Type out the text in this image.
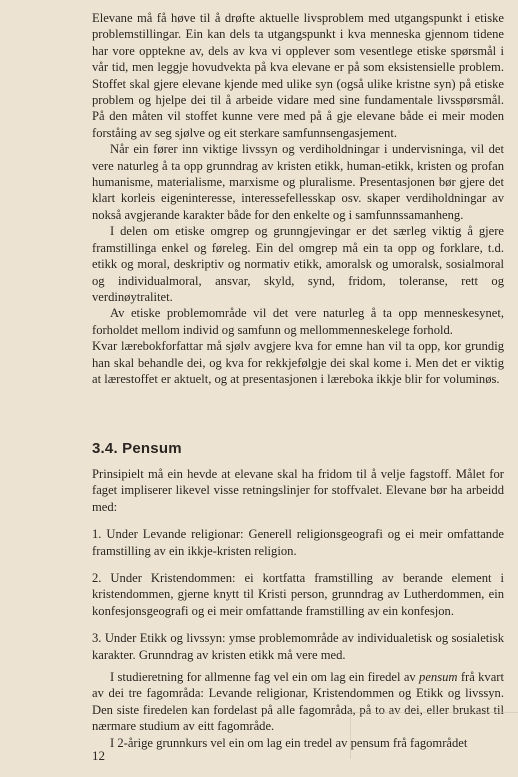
Elevane må få høve til å drøfte aktuelle livsproblem med utgangspunkt i etiske problemstillingar. Ein kan dels ta utgangspunkt i kva menneska gjennom tidene har vore opptekne av, dels av kva vi opplever som vesentlege etiske spørsmål i vår tid, men leggje hovudvekta på kva elevane er på som eksistensielle problem. Stoffet skal gjere elevane kjende med ulike syn (også ulike kristne syn) på etiske problem og hjelpe dei til å arbeide vidare med sine fundamentale livsspørsmål. På den måten vil stoffet kunne vere med på å gje elevane både ei meir moden forståing av seg sjølve og eit sterkare samfunnsengasjement.

Når ein fører inn viktige livssyn og verdiholdningar i undervisninga, vil det vere naturleg å ta opp grunndrag av kristen etikk, human-etikk, kristen og profan humanisme, materialisme, marxisme og pluralisme. Presentasjonen bør gjere det klart korleis eigeninteresse, interessefellesskap osv. skaper verdiholdningar av nokså avgjerande karakter både for den enkelte og i samfunnssamanheng.

I delen om etiske omgrep og grunngjevingar er det særleg viktig å gjere framstillinga enkel og føreleg. Ein del omgrep må ein ta opp og forklare, t.d. etikk og moral, deskriptiv og normativ etikk, amoralsk og umoralsk, sosialmoral og individualmoral, ansvar, skyld, synd, fridom, toleranse, rett og verdinøytralitet.

Av etiske problemområde vil det vere naturleg å ta opp menneskesynet, forholdet mellom individ og samfunn og mellommenneskelege forhold.

Kvar lærebokforfattar må sjølv avgjere kva for emne han vil ta opp, kor grundig han skal behandle dei, og kva for rekkjefølgje dei skal kome i. Men det er viktig at lærestoffet er aktuelt, og at presentasjonen i læreboka ikkje blir for voluminøs.

3.4. Pensum

Prinsipielt må ein hevde at elevane skal ha fridom til å velje fagstoff. Målet for faget impliserer likevel visse retningslinjer for stoffvalet. Elevane bør ha arbeidd med:

1. Under Levande religionar: Generell religionsgeografi og ei meir omfattande framstilling av ein ikkje-kristen religion.

2. Under Kristendommen: ei kortfatta framstilling av berande element i kristendommen, gjerne knytt til Kristi person, grunndrag av Lutherdommen, ein konfesjonsgeografi og ei meir omfattande framstilling av ein konfesjon.

3. Under Etikk og livssyn: ymse problemområde av individualetisk og sosialetisk karakter. Grunndrag av kristen etikk må vere med.

I studieretning for allmenne fag vel ein om lag ein firedel av pensum frå kvart av dei tre fagområda: Levande religionar, Kristendommen og Etikk og livssyn. Den siste firedelen kan fordelast på alle fagområda, på to av dei, eller brukast til nærmare studium av eitt fagområde.

I 2-årige grunnkurs vel ein om lag ein tredel av pensum frå fagområdet

12
